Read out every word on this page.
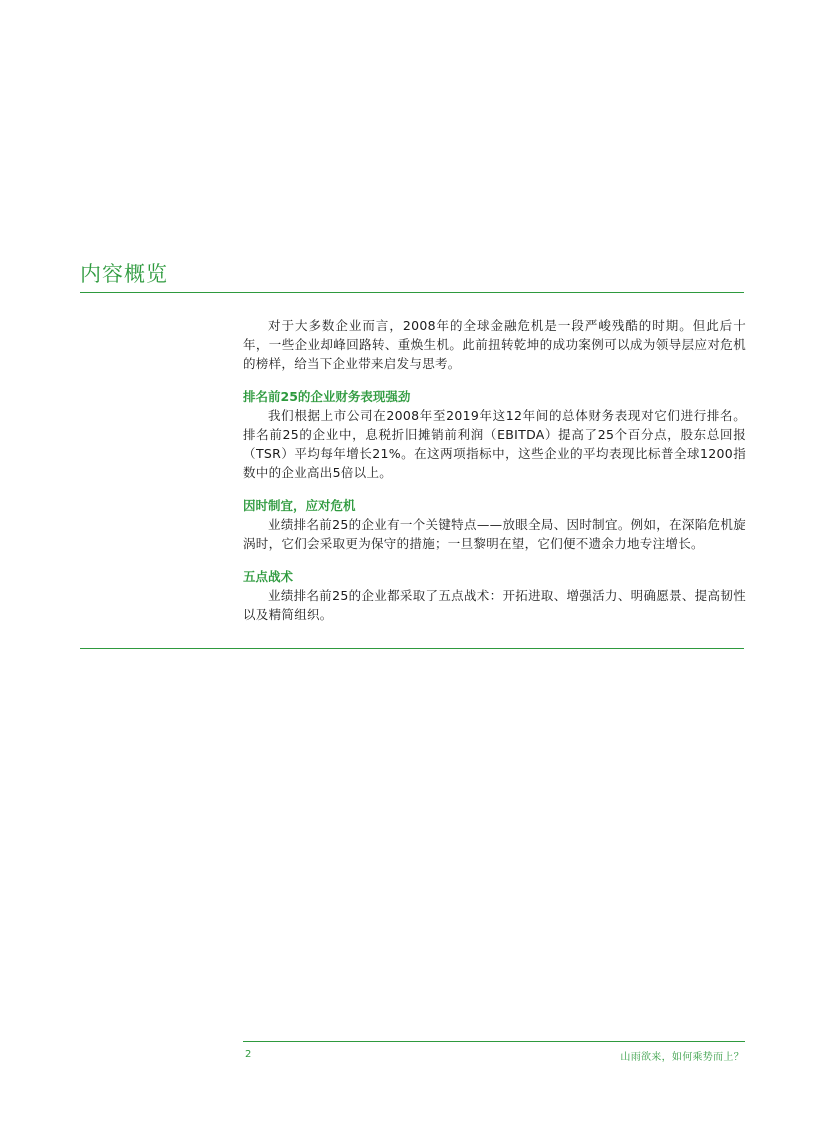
内容概览

对于大多数企业而言，2008年的全球金融危机是一段严峻残酷的时期。但此后十年，一些企业却峰回路转、重焕生机。此前扭转乾坤的成功案例可以成为领导层应对危机的榜样，给当下企业带来启发与思考。

排名前25的企业财务表现强劲

我们根据上市公司在2008年至2019年这12年间的总体财务表现对它们进行排名。排名前25的企业中，息税折旧摊销前利润（EBITDA）提高了25个百分点，股东总回报（TSR）平均每年增长21%。在这两项指标中，这些企业的平均表现比标普全球1200指数中的企业高出5倍以上。

因时制宜，应对危机

业绩排名前25的企业有一个关键特点——放眼全局、因时制宜。例如，在深陷危机旋涡时，它们会采取更为保守的措施；一旦黎明在望，它们便不遗余力地专注增长。

五点战术

业绩排名前25的企业都采取了五点战术：开拓进取、增强活力、明确愿景、提高韧性以及精简组织。

2	山雨欲来，如何乘势而上？
